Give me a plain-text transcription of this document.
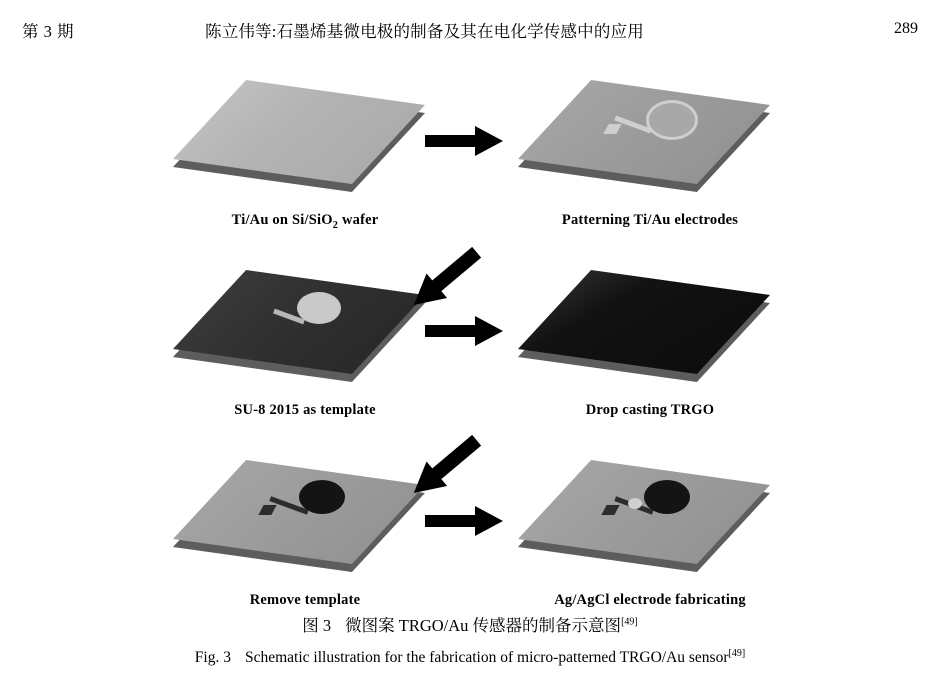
第 3 期	陈立伟等:石墨烯基微电极的制备及其在电化学传感中的应用	289
Ti/Au on Si/SiO$_2$ wafer	Patterning Ti/Au electrodes
SU-8 2015 as template	Drop casting TRGO
Remove template	Ag/AgCl electrode fabricating
图 3 微图案 TRGO/Au 传感器的制备示意图[49]
Fig. 3 Schematic illustration for the fabrication of micro-patterned TRGO/Au sensor[49]
